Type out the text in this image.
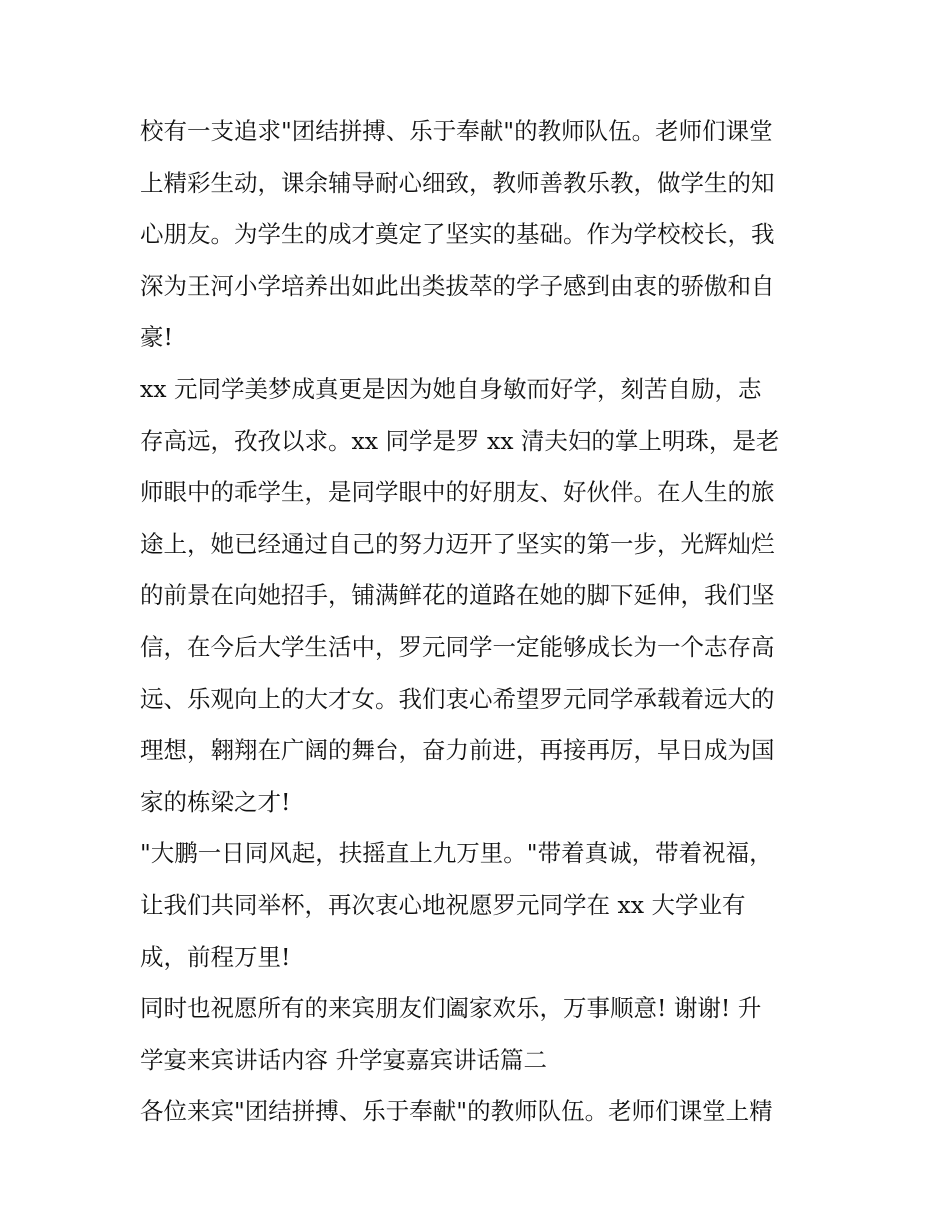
校有一支追求"团结拼搏、乐于奉献"的教师队伍。老师们课堂
上精彩生动，课余辅导耐心细致，教师善教乐教，做学生的知
心朋友。为学生的成才奠定了坚实的基础。作为学校校长，我
深为王河小学培养出如此出类拔萃的学子感到由衷的骄傲和自
豪!
xx 元同学美梦成真更是因为她自身敏而好学，刻苦自励，志
存高远，孜孜以求。xx 同学是罗 xx 清夫妇的掌上明珠，是老
师眼中的乖学生，是同学眼中的好朋友、好伙伴。在人生的旅
途上，她已经通过自己的努力迈开了坚实的第一步，光辉灿烂
的前景在向她招手，铺满鲜花的道路在她的脚下延伸，我们坚
信，在今后大学生活中，罗元同学一定能够成长为一个志存高
远、乐观向上的大才女。我们衷心希望罗元同学承载着远大的
理想，翱翔在广阔的舞台，奋力前进，再接再厉，早日成为国
家的栋梁之才!
"大鹏一日同风起，扶摇直上九万里。"带着真诚，带着祝福，
让我们共同举杯，再次衷心地祝愿罗元同学在 xx 大学业有
成，前程万里!
同时也祝愿所有的来宾朋友们阖家欢乐，万事顺意! 谢谢! 升
学宴来宾讲话内容 升学宴嘉宾讲话篇二
各位来宾"团结拼搏、乐于奉献"的教师队伍。老师们课堂上精
